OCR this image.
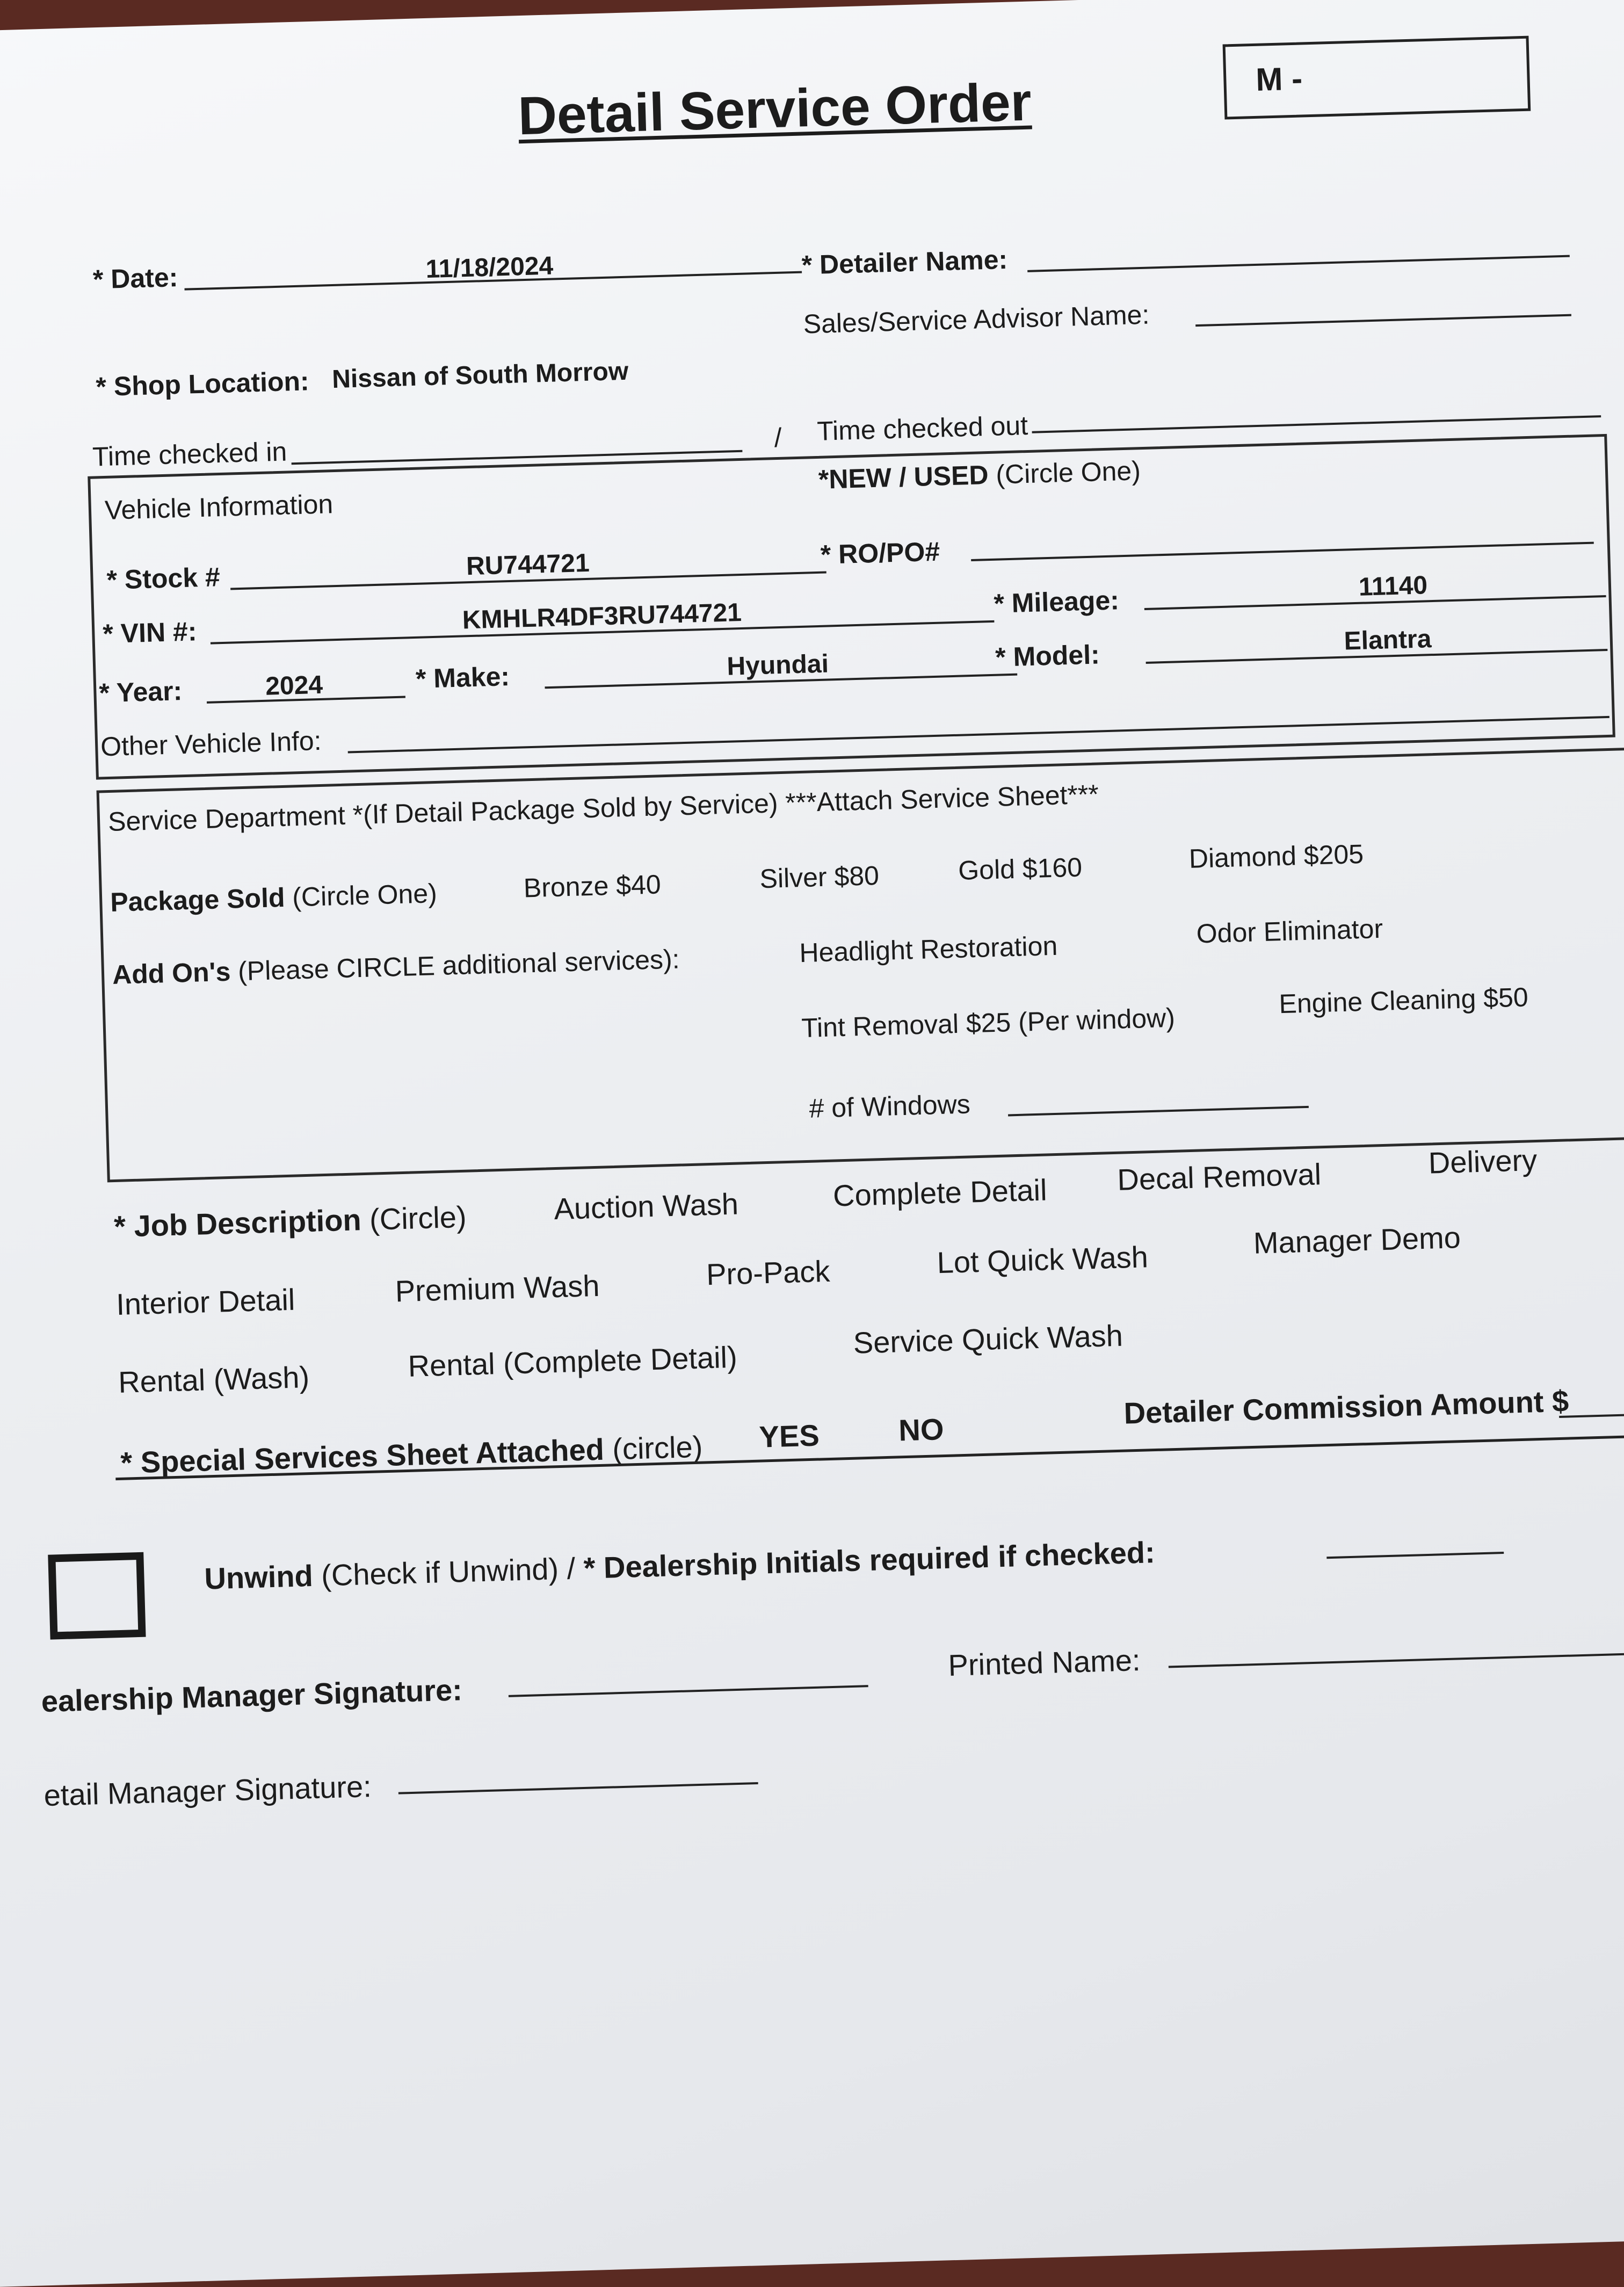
Detail Service Order	M -
* Date:	11/18/2024	* Detailer Name:
Sales/Service Advisor Name:
* Shop Location: Nissan of South Morrow
Time checked in	/ Time checked out
Vehicle Information
*NEW / USED (Circle One)
* Stock #	RU744721	* RO/PO#
* VIN #:	KMHLR4DF3RU744721	* Mileage:	11140
* Year:	2024	* Make:	Hyundai	* Model:	Elantra
Other Vehicle Info:
Service Department *(If Detail Package Sold by Service) ***Attach Service Sheet***
Package Sold (Circle One)	Bronze $40	Silver $80	Gold $160	Diamond $205
Add On's (Please CIRCLE additional services):	Headlight Restoration	Odor Eliminator
Tint Removal $25 (Per window)
Engine Cleaning $50
# of Windows
* Job Description (Circle)	Auction Wash	Complete Detail Decal Removal	Delivery
Interior Detail	Premium Wash	Pro-Pack	Lot Quick Wash	Manager Demo
Rental (Wash)	Rental (Complete Detail)
Service Quick Wash
* Special Services Sheet Attached (circle) YES	NO	Detailer Commission Amount $
Unwind (Check if Unwind) / * Dealership Initials required if checked:
ealership Manager Signature:
Printed Name:
etail Manager Signature:
